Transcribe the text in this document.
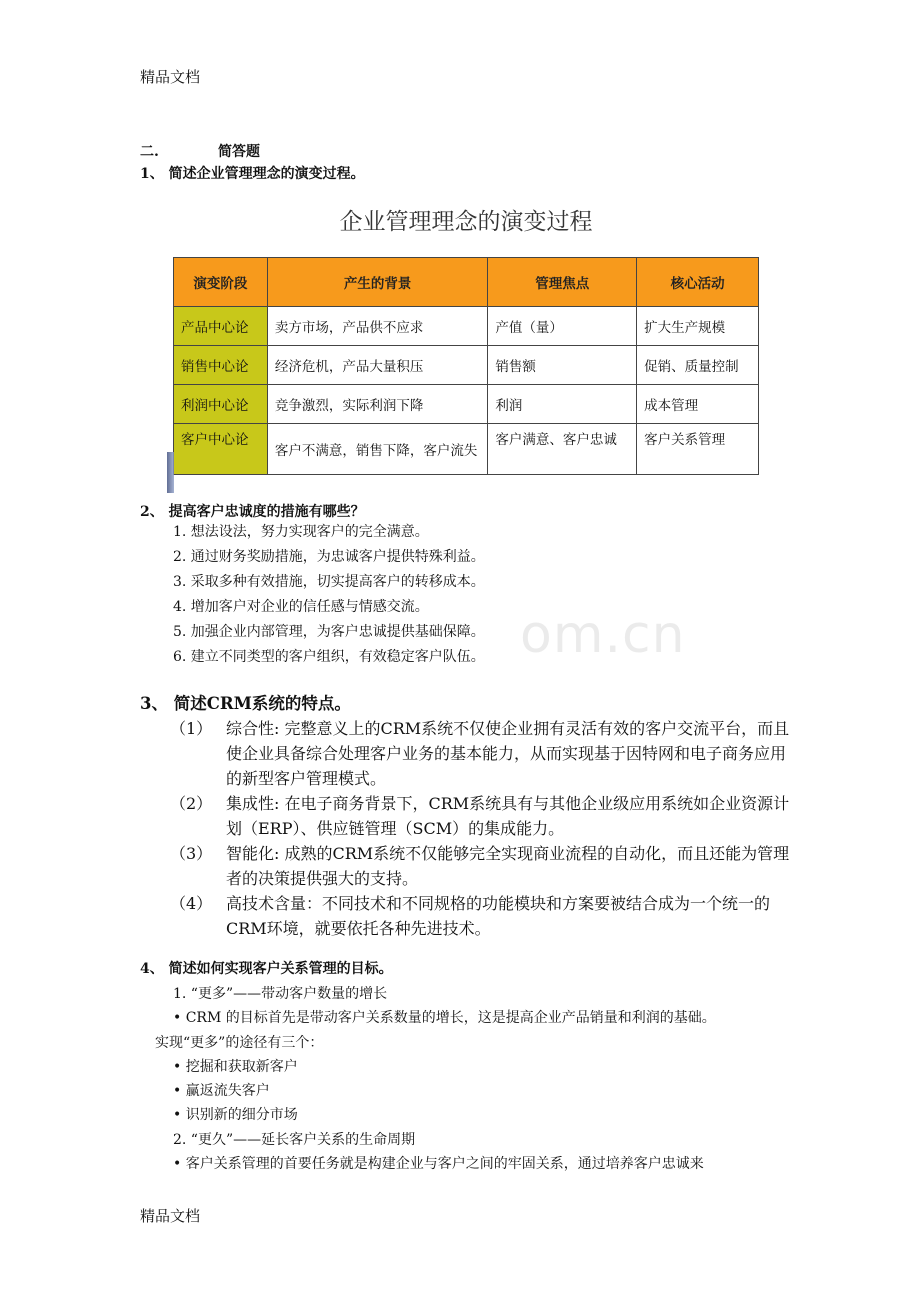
精品文档
二.	简答题
1、 简述企业管理理念的演变过程。
企业管理理念的演变过程
演变阶段	产生的背景	管理焦点	核心活动
产品中心论	卖方市场，产品供不应求	产值（量）	扩大生产规模
销售中心论	经济危机，产品大量积压	销售额	促销、质量控制
利润中心论	竞争激烈，实际利润下降	利润	成本管理
客户中心论	客户不满意，销售下降，客户流失	客户满意、客户忠诚	客户关系管理
2、 提高客户忠诚度的措施有哪些？
1. 想法设法，努力实现客户的完全满意。
2. 通过财务奖励措施，为忠诚客户提供特殊利益。
3. 采取多种有效措施，切实提高客户的转移成本。
4. 增加客户对企业的信任感与情感交流。
5. 加强企业内部管理，为客户忠诚提供基础保障。
6. 建立不同类型的客户组织，有效稳定客户队伍。 om.cn
3、 简述CRM系统的特点。
（1） 综合性: 完整意义上的CRM系统不仅使企业拥有灵活有效的客户交流平台，而且使企业具备综合处理客户业务的基本能力，从而实现基于因特网和电子商务应用的新型客户管理模式。
（2） 集成性: 在电子商务背景下，CRM系统具有与其他企业级应用系统如企业资源计划（ERP）、供应链管理（SCM）的集成能力。
（3） 智能化: 成熟的CRM系统不仅能够完全实现商业流程的自动化，而且还能为管理者的决策提供强大的支持。
（4） 高技术含量：不同技术和不同规格的功能模块和方案要被结合成为一个统一的CRM环境，就要依托各种先进技术。
4、 简述如何实现客户关系管理的目标。
1. “更多”——带动客户数量的增长
• CRM 的目标首先是带动客户关系数量的增长，这是提高企业产品销量和利润的基础。
实现“更多”的途径有三个：
• 挖掘和获取新客户
• 赢返流失客户
• 识别新的细分市场
2. “更久”——延长客户关系的生命周期
• 客户关系管理的首要任务就是构建企业与客户之间的牢固关系，通过培养客户忠诚来
精品文档
